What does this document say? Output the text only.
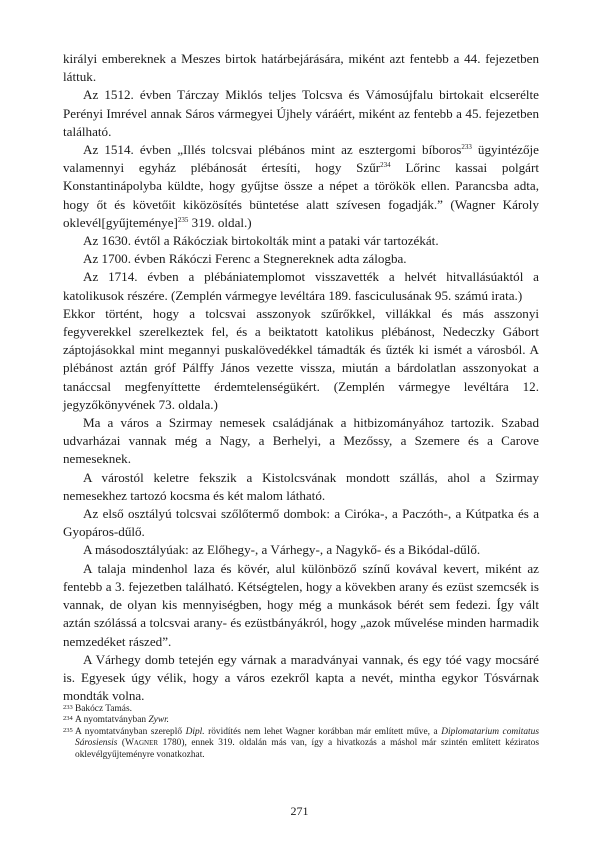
királyi embereknek a Meszes birtok határbejárására, miként azt fentebb a 44. fejezetben láttuk.

Az 1512. évben Tárczay Miklós teljes Tolcsva és Vámosújfalu birtokait elcserélte Perényi Imrével annak Sáros vármegyei Újhely váráért, miként az fentebb a 45. fejezetben található.

Az 1514. évben „Illés tolcsvai plébános mint az esztergomi bíboros$^{233}$ ügyintézője valamennyi egyház plébánosát értesíti, hogy Szűr$^{234}$ Lőrinc kassai polgárt Konstantinápolyba küldte, hogy gyűjtse össze a népet a törökök ellen. Parancsba adta, hogy őt és követőit kiközösítés büntetése alatt szívesen fogadják.” (Wagner Károly oklevél[gyűjteménye]$^{235}$ 319. oldal.)

Az 1630. évtől a Rákócziak birtokolták mint a pataki vár tartozékát.

Az 1700. évben Rákóczi Ferenc a Stegnereknek adta zálogba.

Az 1714. évben a plébániatemplomot visszavették a helvét hitvallásúaktól a katolikusok részére. (Zemplén vármegye levéltára 189. fasciculusának 95. számú irata.)

Ekkor történt, hogy a tolcsvai asszonyok szűrőkkel, villákkal és más asszonyi fegyverekkel szerelkeztek fel, és a beiktatott katolikus plébánost, Nedeczky Gábort záptojásokkal mint megannyi puskalövedékkel támadták és űzték ki ismét a városból. A plébánost aztán gróf Pálffy János vezette vissza, miután a bárdolatlan asszonyokat a tanáccsal megfenyíttette érdemtelenségükért. (Zemplén vármegye levéltára 12. jegyzőkönyvének 73. oldala.)

Ma a város a Szirmay nemesek családjának a hitbizományához tartozik. Szabad udvarházai vannak még a Nagy, a Berhelyi, a Mezőssy, a Szemere és a Carove nemeseknek.

A várostól keletre fekszik a Kistolcsvának mondott szállás, ahol a Szirmay nemesekhez tartozó kocsma és két malom látható.

Az első osztályú tolcsvai szőlőtermő dombok: a Ciróka-, a Paczóth-, a Kútpatka és a Gyopáros-dűlő.

A másodosztályúak: az Előhegy-, a Várhegy-, a Nagykő- és a Bikódal-dűlő.

A talaja mindenhol laza és kövér, alul különböző színű kovával kevert, miként az fentebb a 3. fejezetben található. Kétségtelen, hogy a kövekben arany és ezüst szemcsék is vannak, de olyan kis mennyiségben, hogy még a munkások bérét sem fedezi. Így vált aztán szólássá a tolcsvai arany- és ezüstbányákról, hogy „azok művelése minden harmadik nemzedéket rászed”.

A Várhegy domb tetején egy várnak a maradványai vannak, és egy tóé vagy mocsáré is. Egyesek úgy vélik, hogy a város ezekről kapta a nevét, mintha egykor Tósvárnak mondták volna.

233 Bakócz Tamás.
234 A nyomtatványban Zywr.
235 A nyomtatványban szereplő Dipl. rövidítés nem lehet Wagner korábban már említett műve, a Diplomatarium comitatus Sárosiensis (Wagner 1780), ennek 319. oldalán más van, így a hivatkozás a máshol már szintén említett kéziratos oklevélgyűjteményre vonatkozhat.
271
